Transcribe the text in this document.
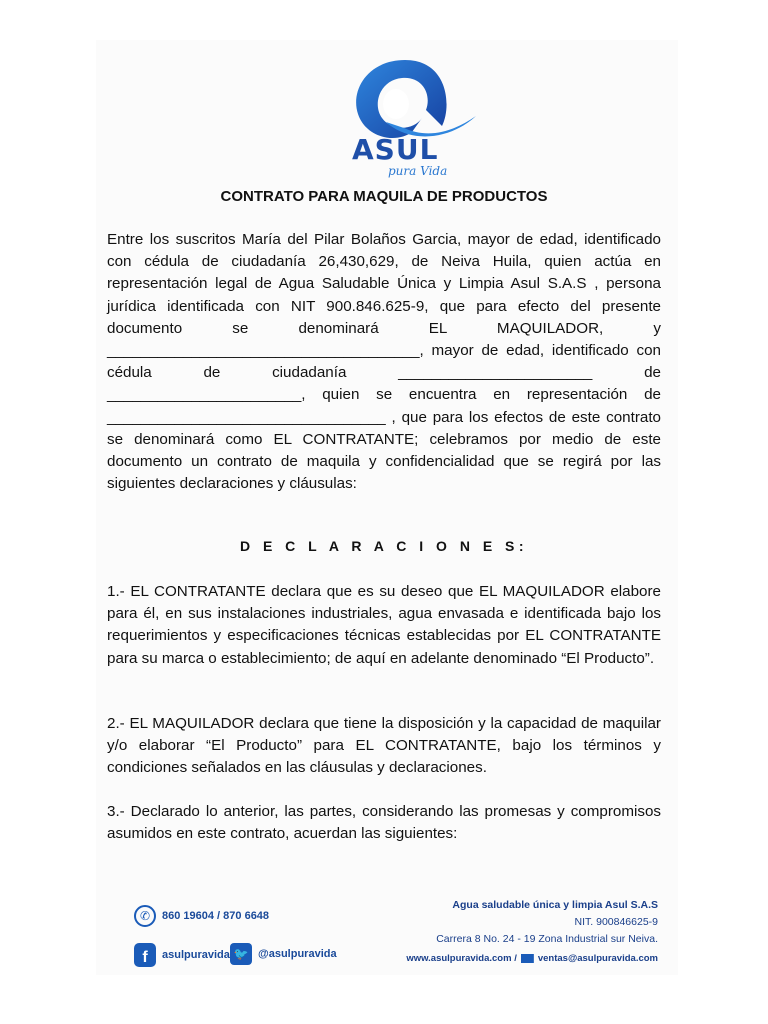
ASUL
pura Vida
CONTRATO PARA MAQUILA DE PRODUCTOS
Entre los suscritos María del Pilar Bolaños Garcia, mayor de edad, identificado con cédula de ciudadanía 26,430,629, de Neiva Huila, quien actúa en representación legal de Agua Saludable Única y Limpia Asul S.A.S , persona jurídica identificada con NIT 900.846.625-9, que para efecto del presente documento se denominará EL MAQUILADOR, y _____________________________________, mayor de edad, identificado con cédula de ciudadanía _______________________ de _______________________, quien se encuentra en representación de _________________________________ , que para los efectos de este contrato se denominará como EL CONTRATANTE; celebramos por medio de este documento un contrato de maquila y confidencialidad que se regirá por las siguientes declaraciones y cláusulas:
D E C L A R A C I O N E S:
1.- EL CONTRATANTE declara que es su deseo que EL MAQUILADOR elabore para él, en sus instalaciones industriales, agua envasada e identificada bajo los requerimientos y especificaciones técnicas establecidas por EL CONTRATANTE para su marca o establecimiento; de aquí en adelante denominado “El Producto”.
2.- EL MAQUILADOR declara que tiene la disposición y la capacidad de maquilar y/o elaborar “El Producto” para EL CONTRATANTE, bajo los términos y condiciones señalados en las cláusulas y declaraciones.
3.- Declarado lo anterior, las partes, considerando las promesas y compromisos asumidos en este contrato, acuerdan las siguientes:
✆	860 19604 / 870 6648
f	asulpuravida 🐦 @asulpuravida
Agua saludable única y limpia Asul S.A.S
NIT. 900846625-9
Carrera 8 No. 24 - 19 Zona Industrial sur Neiva.
www.asulpuravida.com / ventas@asulpuravida.com
